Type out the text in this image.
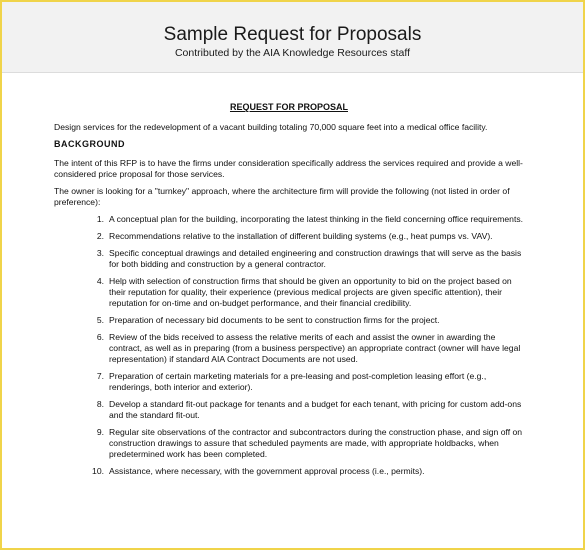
Sample Request for Proposals
Contributed by the AIA Knowledge Resources staff
REQUEST FOR PROPOSAL

Design services for the redevelopment of a vacant building totaling 70,000 square feet into a medical office facility.

BACKGROUND

The intent of this RFP is to have the firms under consideration specifically address the services required and provide a well-considered price proposal for those services.

The owner is looking for a "turnkey" approach, where the architecture firm will provide the following (not listed in order of preference):

1. A conceptual plan for the building, incorporating the latest thinking in the field concerning office requirements.
2. Recommendations relative to the installation of different building systems (e.g., heat pumps vs. VAV).
3. Specific conceptual drawings and detailed engineering and construction drawings that will serve as the basis for both bidding and construction by a general contractor.
4. Help with selection of construction firms that should be given an opportunity to bid on the project based on their reputation for quality, their experience (previous medical projects are given specific attention), their reputation for on-time and on-budget performance, and their financial credibility.
5. Preparation of necessary bid documents to be sent to construction firms for the project.
6. Review of the bids received to assess the relative merits of each and assist the owner in awarding the contract, as well as in preparing (from a business perspective) an appropriate contract (owner will have legal representation) if standard AIA Contract Documents are not used.
7. Preparation of certain marketing materials for a pre-leasing and post-completion leasing effort (e.g., renderings, both interior and exterior).
8. Develop a standard fit-out package for tenants and a budget for each tenant, with pricing for custom add-ons and the standard fit-out.
9. Regular site observations of the contractor and subcontractors during the construction phase, and sign off on construction drawings to assure that scheduled payments are made, with appropriate holdbacks, when predetermined work has been completed.
10. Assistance, where necessary, with the government approval process (i.e., permits).
